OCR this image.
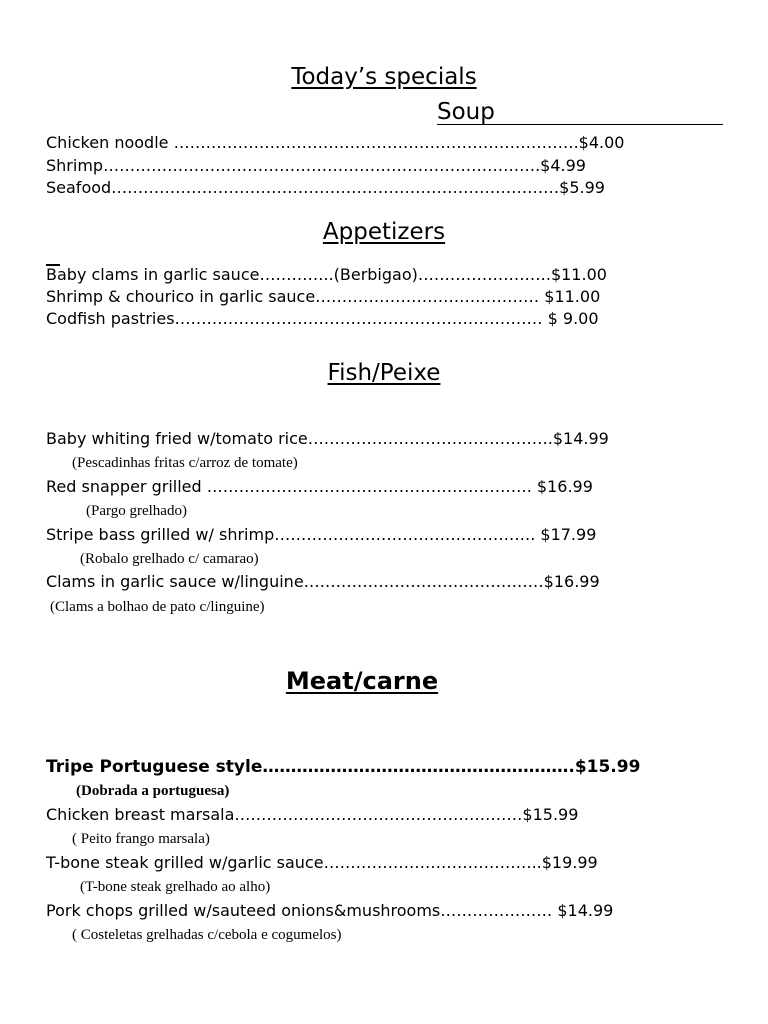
Today’s specials
Soup
Chicken noodle ………………………………………………………………….$4.00
Shrimp……………………………………………………………………….$4.99
Seafood…………………………………………………………………………$5.99
Appetizers
Baby clams in garlic sauce…………..(Berbigao)…………………….$11.00
Shrimp & chourico in garlic sauce…………………………………… $11.00
Codfish pastries…………………………………………………………… $ 9.00
Fish/Peixe
Baby whiting fried w/tomato rice……………………………………….$14.99
(Pescadinhas fritas c/arroz de tomate)
Red snapper grilled ……………………………………………………. $16.99
(Pargo grelhado)
Stripe bass grilled w/ shrimp…………………………………………. $17.99
(Robalo grelhado c/ camarao)
Clams in garlic sauce w/linguine………………………………………$16.99
(Clams a bolhao de pato c/linguine)
Meat/carne
Tripe Portuguese style……………………………………………….$15.99
(Dobrada a portuguesa)
Chicken breast marsala………………………………………………$15.99
( Peito frango marsala)
T-bone steak grilled w/garlic sauce…………………………………..$19.99
(T-bone steak grelhado ao alho)
Pork chops grilled w/sauteed onions&mushrooms………………… $14.99
( Costeletas grelhadas c/cebola e cogumelos)
